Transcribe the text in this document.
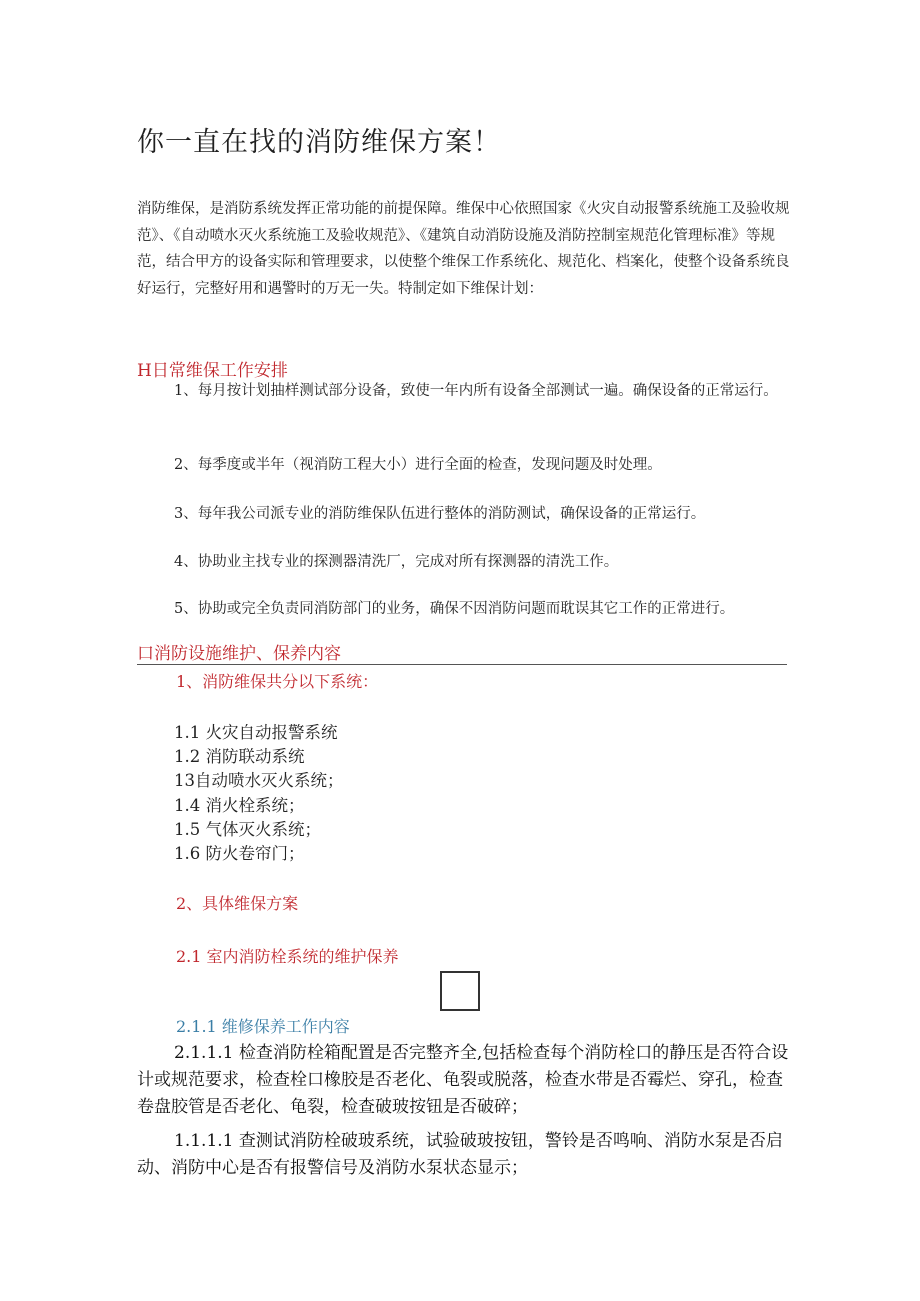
你一直在找的消防维保方案！
消防维保，是消防系统发挥正常功能的前提保障。维保中心依照国家《火灾自动报警系统施工及验收规范》、《自动喷水灭火系统施工及验收规范》、《建筑自动消防设施及消防控制室规范化管理标准》等规范，结合甲方的设备实际和管理要求，以使整个维保工作系统化、规范化、档案化，使整个设备系统良好运行，完整好用和遇警时的万无一失。特制定如下维保计划：
H日常维保工作安排
1、每月按计划抽样测试部分设备，致使一年内所有设备全部测试一遍。确保设备的正常运行。
2、每季度或半年（视消防工程大小）进行全面的检查，发现问题及时处理。
3、每年我公司派专业的消防维保队伍进行整体的消防测试，确保设备的正常运行。
4、协助业主找专业的探测器清洗厂，完成对所有探测器的清洗工作。
5、协助或完全负责同消防部门的业务，确保不因消防问题而耽误其它工作的正常进行。
口消防设施维护、保养内容
1、消防维保共分以下系统：
1.1 火灾自动报警系统
1.2 消防联动系统
13自动喷水灭火系统；
1.4 消火栓系统；
1.5 气体灭火系统；
1.6 防火卷帘门；
2、具体维保方案
2.1 室内消防栓系统的维护保养
2.1.1 维修保养工作内容
2.1.1.1 检查消防栓箱配置是否完整齐全,包括检查每个消防栓口的静压是否符合设计或规范要求，检查栓口橡胶是否老化、龟裂或脱落，检查水带是否霉烂、穿孔，检查卷盘胶管是否老化、龟裂，检查破玻按钮是否破碎；
1.1.1.1 查测试消防栓破玻系统，试验破玻按钮，警铃是否鸣响、消防水泵是否启动、消防中心是否有报警信号及消防水泵状态显示；
